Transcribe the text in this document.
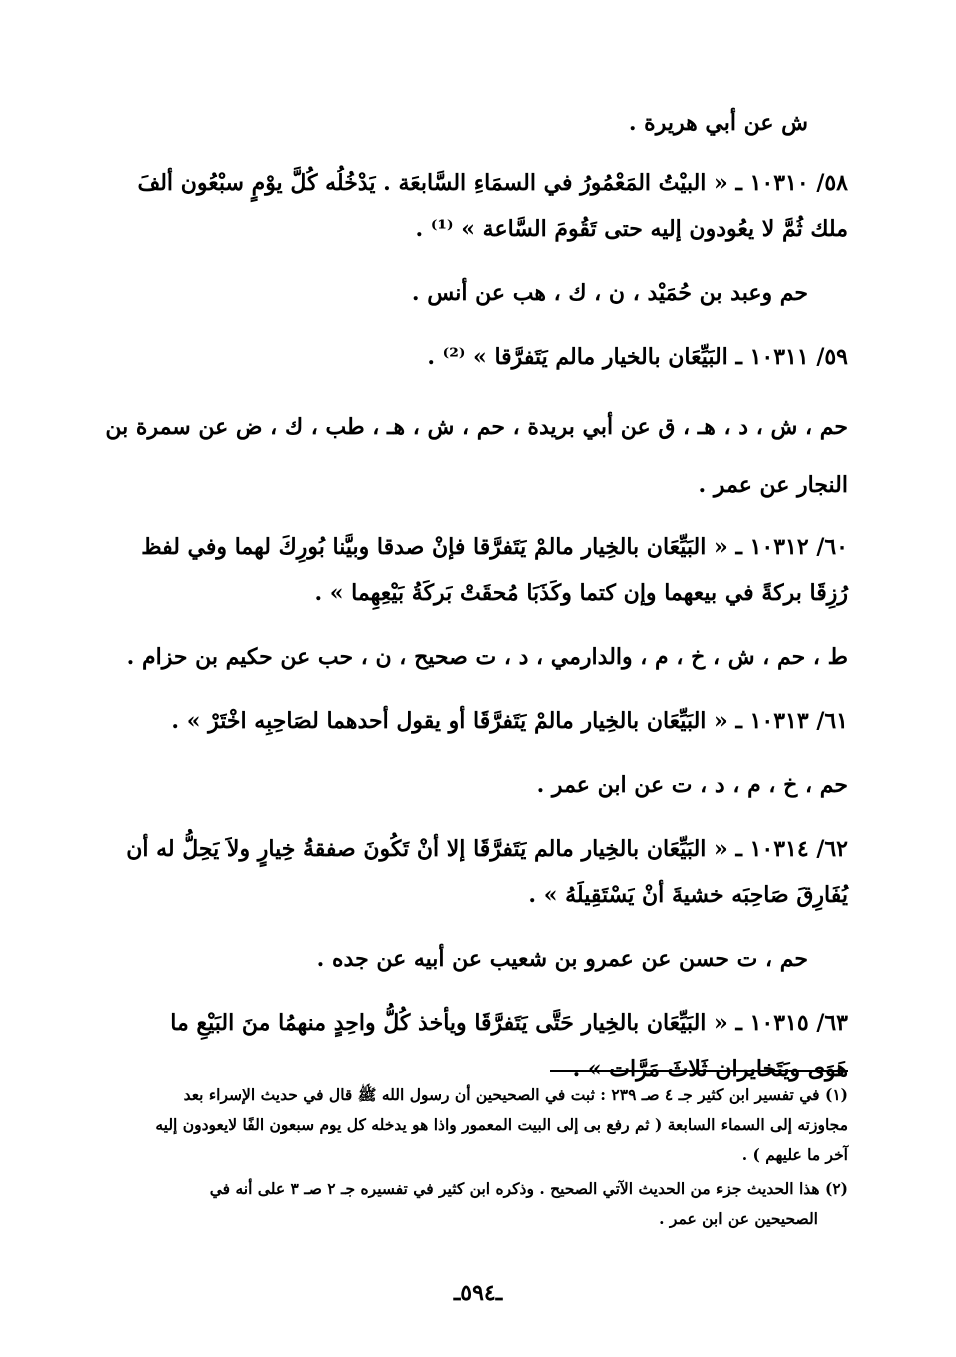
ش عن أبي هريرة .

٥٨/ ١٠٣١٠ ـ « البيْتُ المَعْمُورُ في السمَاءِ السَّابعَة . يَدْخُلُه كُلَّ يوْمٍ سبْعُون ألفَ
ملك ثُمَّ لا يعُودون إليه حتى تَقُومَ السَّاعة » ⁽¹⁾ .

حم وعبد بن حُمَيْد ، ن ، ك ، هب عن أنس .

٥٩/ ١٠٣١١ ـ البَيِّعَان بالخيار مالم يَتَفرَّقا » ⁽²⁾ .

حم ، ش ، د ، هـ ، ق عن أبي بريدة ، حم ، ش ، هـ ، طب ، ك ، ض عن سمرة بن
النجار عن عمر .

٦٠/ ١٠٣١٢ ـ « البَيِّعَان بالخِيار مالمْ يَتَفرَّقا فإنْ صدقا وبيَّنا بُورِكَ لهما وفي لفظ
رُزِقَا بركةً في بيعهما وإن كتما وكَذَبَا مُحقَتْ بَركَةُ بَيْعِهِما » .

ط ، حم ، ش ، خ ، م ، والدارمي ، د ، ت صحيح ، ن ، حب عن حكيم بن حزام .

٦١/ ١٠٣١٣ ـ « البَيِّعَان بالخِيار مالمْ يَتَفرَّقَا أو يقول أحدهما لصَاحِبِه اخْتَرْ » .

حم ، خ ، م ، د ، ت عن ابن عمر .

٦٢/ ١٠٣١٤ ـ « البَيِّعَان بالخِيار مالم يَتَفرَّقَا إلا أنْ تَكُونَ صفقةُ خِيارٍ ولاَ يَحِلُّ له أن
يُفَارِقَ صَاحِبَه خشيةَ أنْ يَسْتَقِيلَهُ » .

حم ، ت حسن عن عمرو بن شعيب عن أبيه عن جده .

٦٣/ ١٠٣١٥ ـ « البَيِّعَان بالخِيار حَتَّى يَتَفرَّقَا ويأخذ كُلُّ واحِدٍ منهمُا منَ البَيْعِ ما
هَوَى ويَتَخايران ثَلاثَ مَرَّات » .

(١) في تفسير ابن كثير جـ ٤ صـ ٢٣٩ : ثبت في الصحيحين أن رسول الله ﷺ قال في حديث الإسراء بعد
مجاوزته إلى السماء السابعة ( ثم رفع بى إلى البيت المعمور واذا هو يدخله كل يوم سبعون الفًا لايعودون إليه
آخر ما عليهم ) .

(٢) هذا الحديث جزء من الحديث الآتي الصحيح . وذكره ابن كثير في تفسيره جـ ٢ صـ ٣ على أنه في
الصحيحين عن ابن عمر .

ـ٥٩٤ـ
